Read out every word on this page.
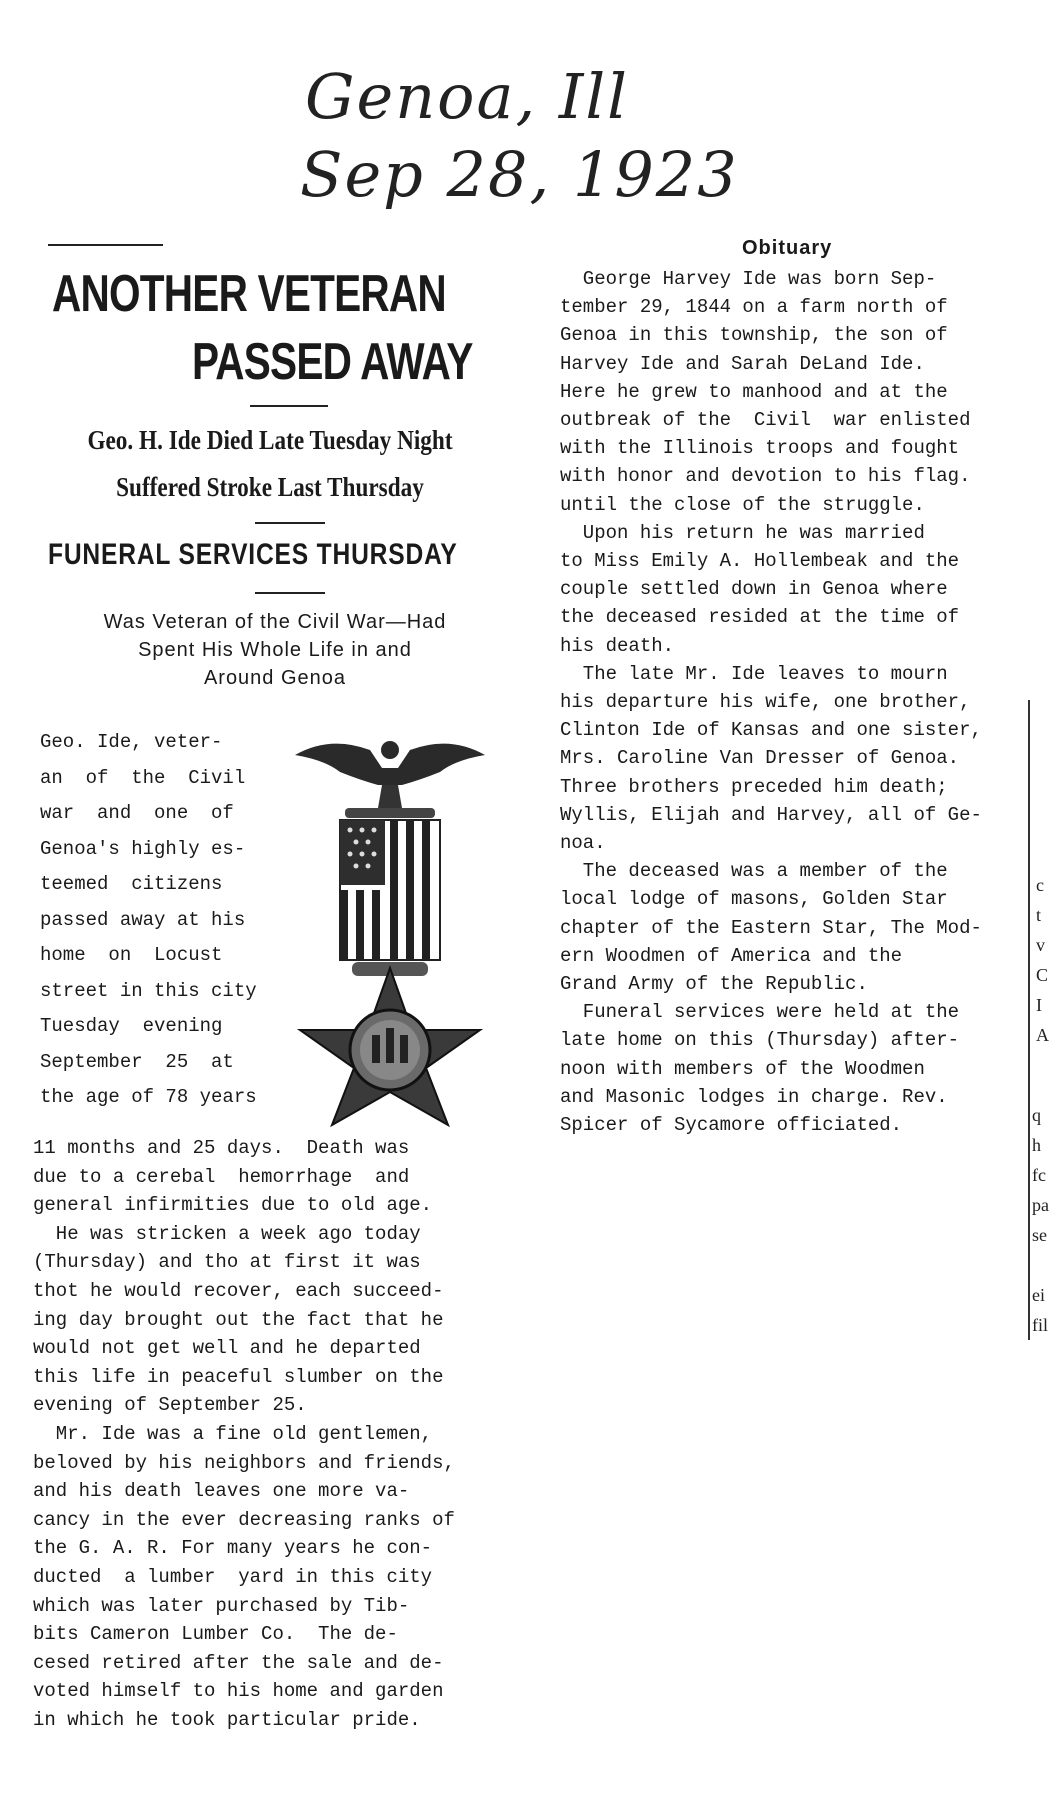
Genoa, Ill
Sep 28, 1923
ANOTHER VETERAN
PASSED AWAY
Geo. H. Ide Died Late Tuesday Night
Suffered Stroke Last Thursday
FUNERAL SERVICES THURSDAY
Was Veteran of the Civil War—Had
Spent His Whole Life in and
Around Genoa
Geo. Ide, veter-
an  of  the  Civil
war  and  one  of
Genoa's highly es-
teemed  citizens
passed away at his
home  on  Locust
street in this city
Tuesday  evening
September  25  at
the age of 78 years
11 months and 25 days.  Death was
due to a cerebal  hemorrhage  and
general infirmities due to old age.
He was stricken a week ago today
(Thursday) and tho at first it was
thot he would recover, each succeed-
ing day brought out the fact that he
would not get well and he departed
this life in peaceful slumber on the
evening of September 25.
Mr. Ide was a fine old gentlemen,
beloved by his neighbors and friends,
and his death leaves one more va-
cancy in the ever decreasing ranks of
the G. A. R. For many years he con-
ducted  a lumber  yard in this city
which was later purchased by Tib-
bits Cameron Lumber Co.  The de-
cesed retired after the sale and de-
voted himself to his home and garden
in which he took particular pride.
Obituary
George Harvey Ide was born Sep-
tember 29, 1844 on a farm north of
Genoa in this township, the son of
Harvey Ide and Sarah DeLand Ide.
Here he grew to manhood and at the
outbreak of the  Civil  war enlisted
with the Illinois troops and fought
with honor and devotion to his flag.
until the close of the struggle.
Upon his return he was married
to Miss Emily A. Hollembeak and the
couple settled down in Genoa where
the deceased resided at the time of
his death.
The late Mr. Ide leaves to mourn
his departure his wife, one brother,
Clinton Ide of Kansas and one sister,
Mrs. Caroline Van Dresser of Genoa.
Three brothers preceded him death;
Wyllis, Elijah and Harvey, all of Ge-
noa.
The deceased was a member of the
local lodge of masons, Golden Star
chapter of the Eastern Star, The Mod-
ern Woodmen of America and the
Grand Army of the Republic.
Funeral services were held at the
late home on this (Thursday) after-
noon with members of the Woodmen
and Masonic lodges in charge. Rev.
Spicer of Sycamore officiated.
c
t
v
C
I
A
q
h
fc
pa
se

ei
fil
